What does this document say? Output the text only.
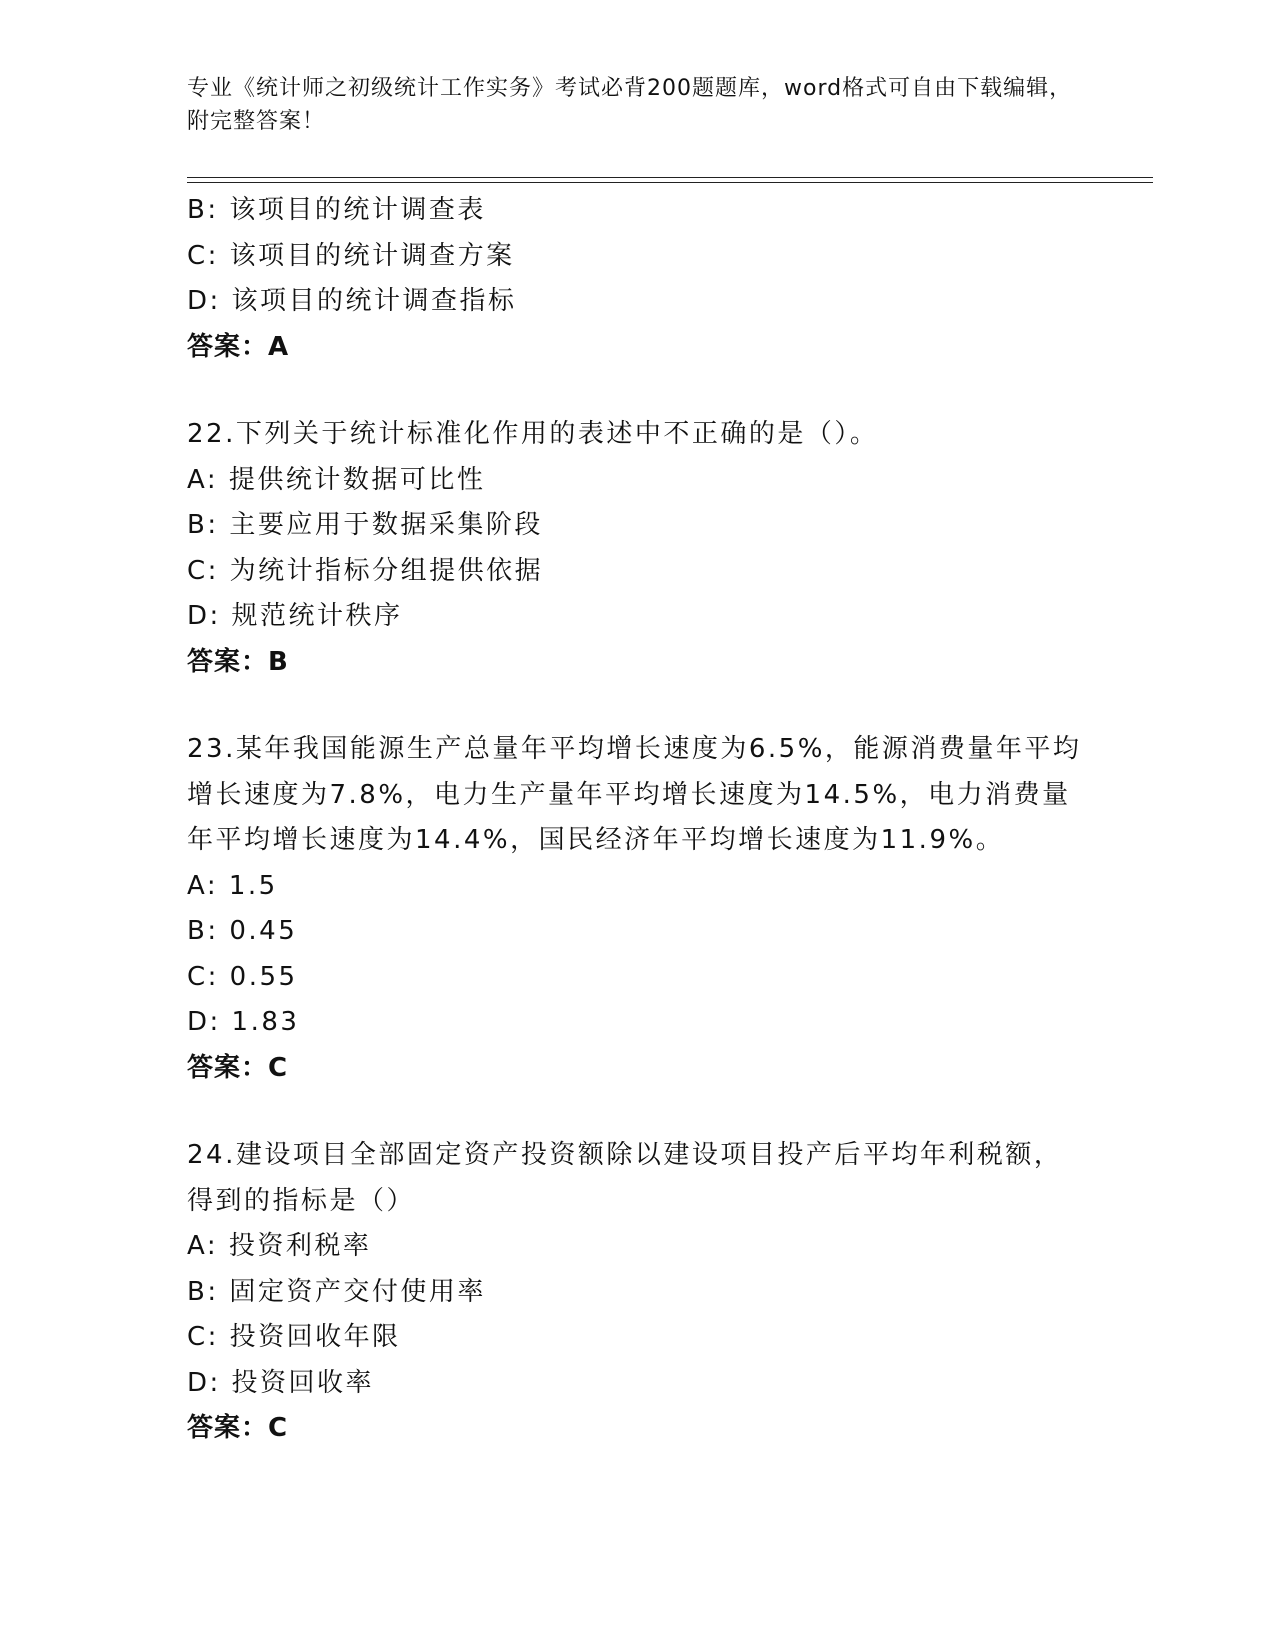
专业《统计师之初级统计工作实务》考试必背200题题库，word格式可自由下载编辑，附完整答案！
B: 该项目的统计调查表
C: 该项目的统计调查方案
D: 该项目的统计调查指标
答案：A
22.下列关于统计标准化作用的表述中不正确的是（）。
A: 提供统计数据可比性
B: 主要应用于数据采集阶段
C: 为统计指标分组提供依据
D: 规范统计秩序
答案：B
23.某年我国能源生产总量年平均增长速度为6.5%，能源消费量年平均
增长速度为7.8%，电力生产量年平均增长速度为14.5%，电力消费量
年平均增长速度为14.4%，国民经济年平均增长速度为11.9%。
A: 1.5
B: 0.45
C: 0.55
D: 1.83
答案：C
24.建设项目全部固定资产投资额除以建设项目投产后平均年利税额，
得到的指标是（）
A: 投资利税率
B: 固定资产交付使用率
C: 投资回收年限
D: 投资回收率
答案：C
